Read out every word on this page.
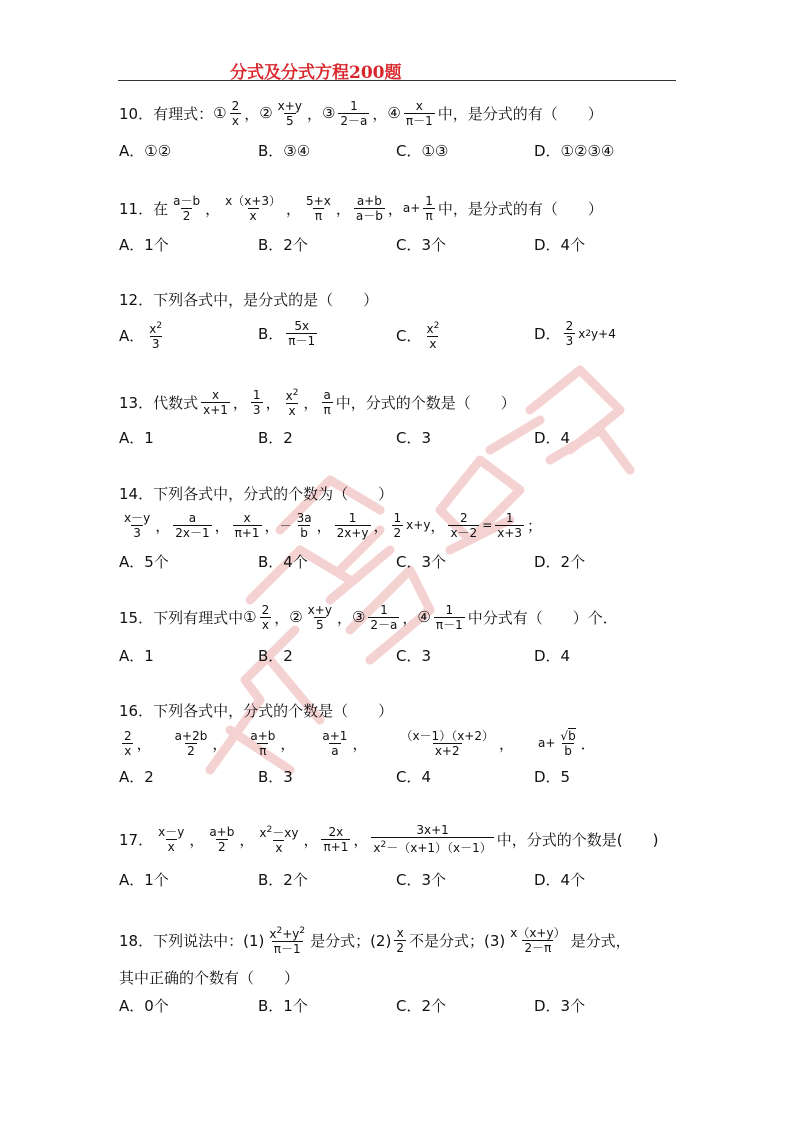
分式及分式方程200题
10． 有理式： ① $\frac{2}{x}$ ， ② $\frac{x+y}{5}$ ， ③ $\frac{1}{2-a}$ ， ④ $\frac{x}{\pi-1}$ 中，是分式的有（　　）
A．①②	B．③④	C．①③	D．①②③④
11． 在 $\frac{a-b}{2}$ ， $\frac{x(x+3)}{x}$ ， $\frac{5+x}{\pi}$ ， $\frac{a+b}{a-b}$ ， $a+ \frac{1}{\pi}$ 中，是分式的有（　　）
A．1个	B．2个	C．3个	D．4个
12． 下列各式中，是分式的是（　　）
A． $\frac{x^2}{3}$	B． $\frac{5x}{\pi-1}$	C． $\frac{x^2}{x}$	D． $\frac{2}{3}$ x 2 y+4
13． 代数式 $\frac{x}{x+1}$ ， $\frac{1}{3}$ ， $\frac{x^2}{x}$ ， $\frac{a}{\pi}$ 中，分式的个数是（　　）
A．1	B．2	C．3	D．4
14． 下列各式中，分式的个数为（　　）
$\frac{x-y}{3}$ ， $\frac{a}{2x-1}$ ， $\frac{x}{\pi+1}$ ， － $\frac{3a}{b}$ ， $\frac{1}{2x+y}$ ， $\frac{1}{2} x+y$ ， $\frac{2}{x-2} = \frac{1}{x+3}$ ；
A．5个	B．4个	C．3个	D．2个
15． 下列有理式中 ① $\frac{2}{x}$ ， ② $\frac{x+y}{5}$ ， ③ $\frac{1}{2-a}$ ， ④ $\frac{1}{\pi-1}$ 中分式有（　　）个．
A．1	B．2	C．3	D．4
16． 下列各式中，分式的个数是（　　）
$\frac{2}{x}$ ， $\frac{a+2b}{2}$ ， $\frac{a+b}{\pi}$ ， $\frac{a+1}{a}$ ，	$\frac{(x-1)(x+2)}{x+2}$ ， $a+ \frac{√b}{b}$ ．
A．2	B．3	C．4	D．5
17． $\frac{x-y}{x}$ ， $\frac{a+b}{2}$ ， $\frac{x^2-xy}{x}$ ， $\frac{2x}{\pi+1}$ ， $\frac{3x+1}{x^2-(x+1)(x-1)}$ 中，分式的个数是(　　)
A．1个	B．2个	C．3个	D．4个
18． 下列说法中：$(1) \frac{x^2+y^2}{\pi-1}$ 是分式；$(2) \frac{x}{2}$ 不是分式；$(3) \frac{x(x+y)}{2-\pi}$ 是分式，
其中正确的个数有（　　）
A．0个	B．1个	C．2个	D．3个
